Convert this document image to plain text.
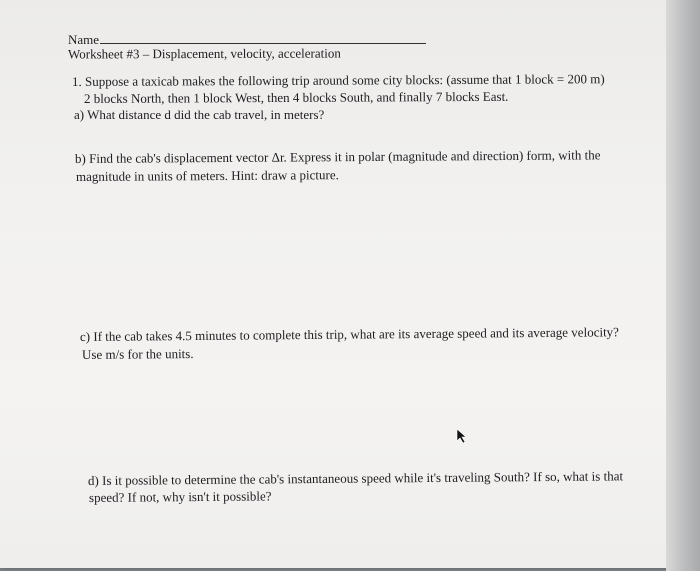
Name
Worksheet #3 – Displacement, velocity, acceleration
1. Suppose a taxicab makes the following trip around some city blocks: (assume that 1 block = 200 m)
2 blocks North, then 1 block West, then 4 blocks South, and finally 7 blocks East.
a) What distance d did the cab travel, in meters?
b) Find the cab's displacement vector Δr. Express it in polar (magnitude and direction) form, with the
magnitude in units of meters. Hint: draw a picture.
c) If the cab takes 4.5 minutes to complete this trip, what are its average speed and its average velocity?
Use m/s for the units.
d) Is it possible to determine the cab's instantaneous speed while it's traveling South? If so, what is that
speed? If not, why isn't it possible?
